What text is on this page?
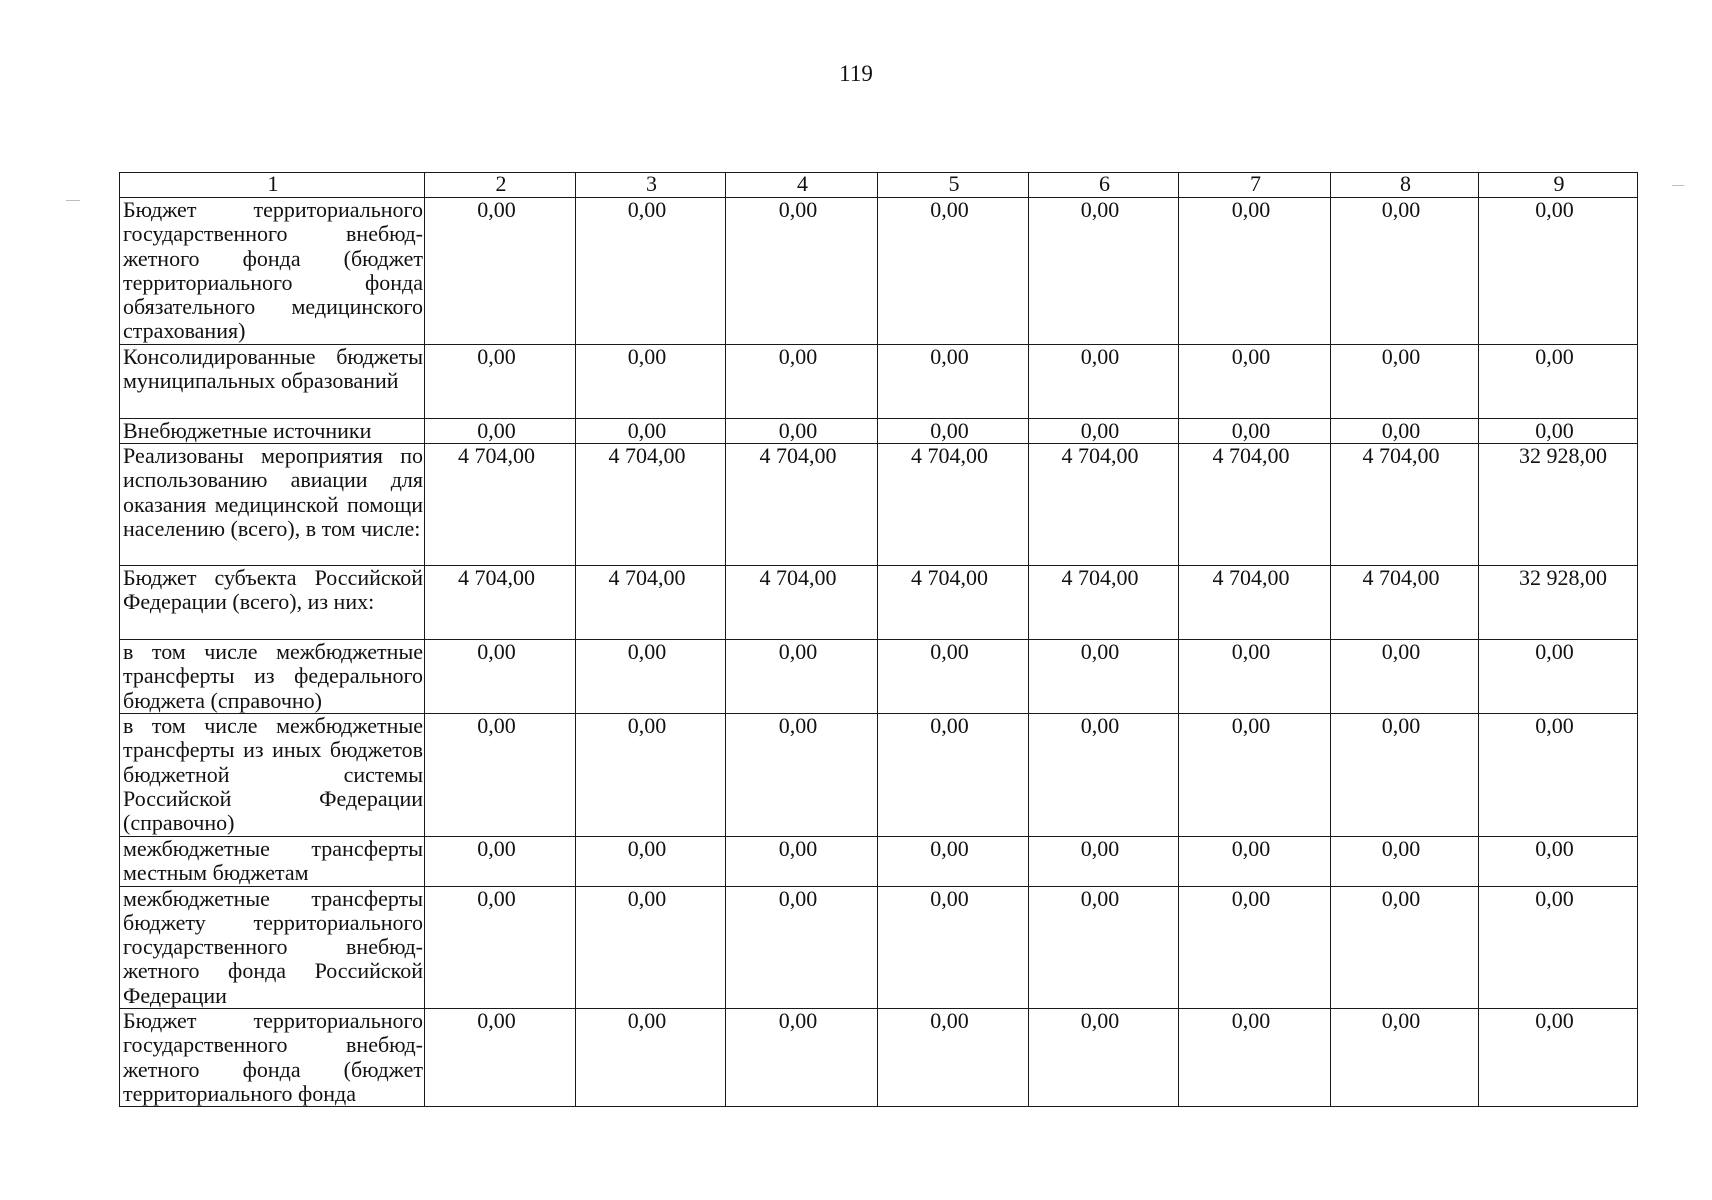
119
1	2	3	4	5	6	7	8	9
Бюджет территориального государственного внебюджетного фонда (бюджет территориального фонда обязательного медицинского страхования)	0,00	0,00	0,00	0,00	0,00	0,00	0,00	0,00
Консолидированные бюджеты муниципальных образований	0,00	0,00	0,00	0,00	0,00	0,00	0,00	0,00
Внебюджетные источники	0,00	0,00	0,00	0,00	0,00	0,00	0,00	0,00
Реализованы мероприятия по использованию авиации для оказания медицинской помощи населению (всего), в том числе:	4 704,00	4 704,00	4 704,00	4 704,00	4 704,00	4 704,00	4 704,00	32 928,00
Бюджет субъекта Российской Федерации (всего), из них:	4 704,00	4 704,00	4 704,00	4 704,00	4 704,00	4 704,00	4 704,00	32 928,00
в том числе межбюджетные трансферты из федерального бюджета (справочно)	0,00	0,00	0,00	0,00	0,00	0,00	0,00	0,00
в том числе межбюджетные трансферты из иных бюджетов бюджетной системы Российской Федерации (справочно)	0,00	0,00	0,00	0,00	0,00	0,00	0,00	0,00
межбюджетные трансферты местным бюджетам	0,00	0,00	0,00	0,00	0,00	0,00	0,00	0,00
межбюджетные трансферты бюджету территориального государственного внебюджетного фонда Российской Федерации	0,00	0,00	0,00	0,00	0,00	0,00	0,00	0,00
Бюджет территориального государственного внебюджетного фонда (бюджет территориального фонда	0,00	0,00	0,00	0,00	0,00	0,00	0,00	0,00
